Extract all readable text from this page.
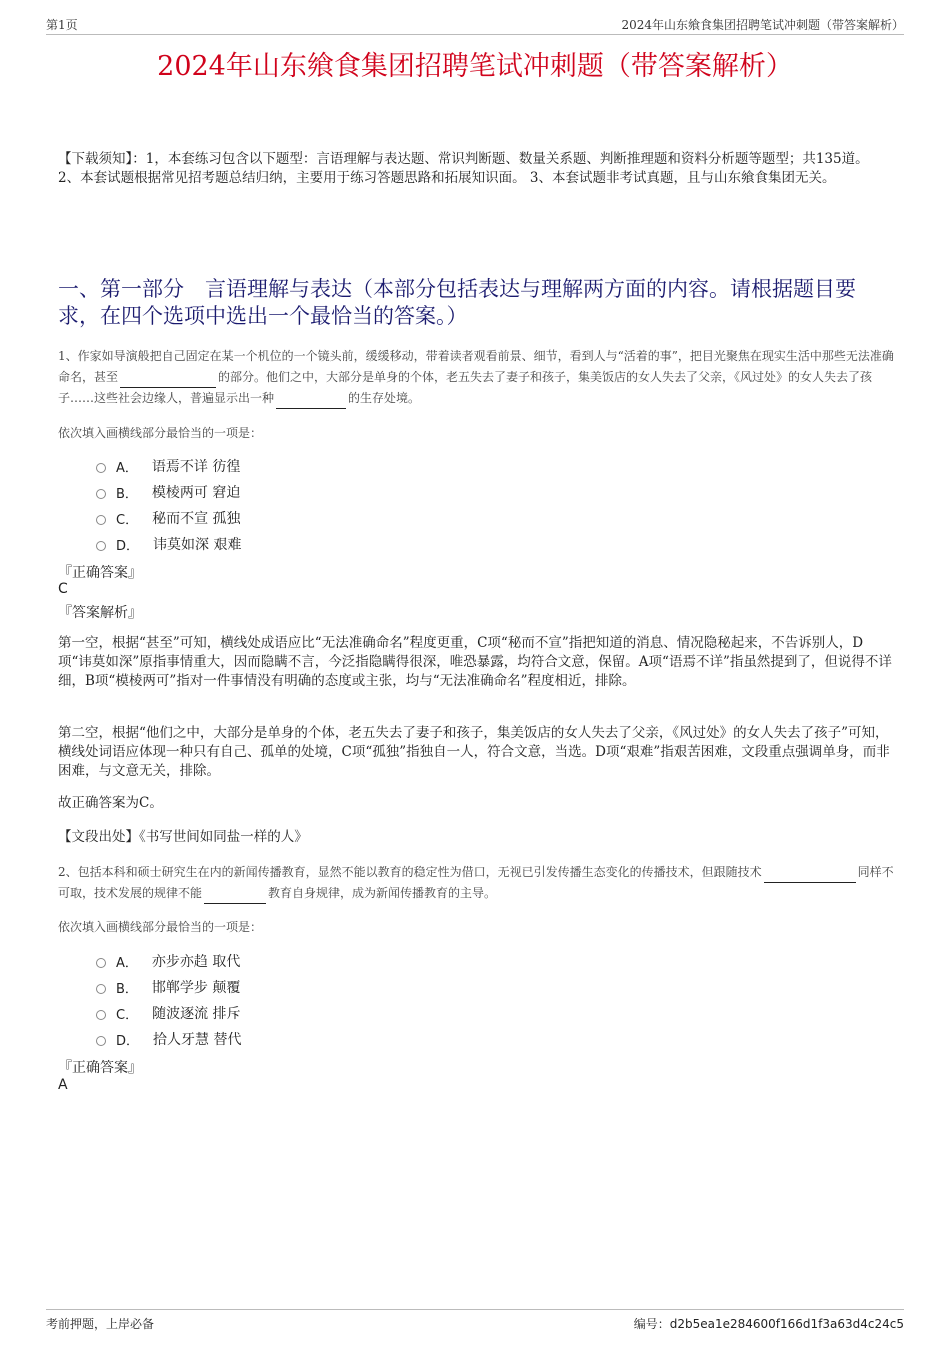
第1页	2024年山东飨食集团招聘笔试冲刺题（带答案解析）
2024年山东飨食集团招聘笔试冲刺题（带答案解析）
【下载须知】：1，本套练习包含以下题型：言语理解与表达题、常识判断题、数量关系题、判断推理题和资料分析题等题型；共135道。 2、本套试题根据常见招考题总结归纳，主要用于练习答题思路和拓展知识面。 3、本套试题非考试真题，且与山东飨食集团无关。
一、第一部分　言语理解与表达（本部分包括表达与理解两方面的内容。请根据题目要求，在四个选项中选出一个最恰当的答案。）
1、作家如导演般把自己固定在某一个机位的一个镜头前，缓缓移动，带着读者观看前景、细节，看到人与“活着的事”，把目光聚焦在现实生活中那些无法准确命名，甚至	的部分。他们之中，大部分是单身的个体，老五失去了妻子和孩子，集美饭店的女人失去了父亲，《风过处》的女人失去了孩子……这些社会边缘人，普遍显示出一种	的生存处境。
依次填入画横线部分最恰当的一项是：
A． 语焉不详 彷徨
B． 模棱两可 窘迫
C． 秘而不宣 孤独
D． 讳莫如深 艰难
『正确答案』
C
『答案解析』
第一空，根据“甚至”可知，横线处成语应比“无法准确命名”程度更重，C项“秘而不宣”指把知道的消息、情况隐秘起来，不告诉别人，D项“讳莫如深”原指事情重大，因而隐瞒不言，今泛指隐瞒得很深，唯恐暴露，均符合文意，保留。A项“语焉不详”指虽然提到了，但说得不详细，B项“模棱两可”指对一件事情没有明确的态度或主张，均与“无法准确命名”程度相近，排除。
第二空，根据“他们之中，大部分是单身的个体，老五失去了妻子和孩子，集美饭店的女人失去了父亲，《风过处》的女人失去了孩子”可知，横线处词语应体现一种只有自己、孤单的处境，C项“孤独”指独自一人，符合文意，当选。D项“艰难”指艰苦困难，文段重点强调单身，而非困难，与文意无关，排除。
故正确答案为C。
【文段出处】《书写世间如同盐一样的人》
2、包括本科和硕士研究生在内的新闻传播教育，显然不能以教育的稳定性为借口，无视已引发传播生态变化的传播技术，但跟随技术	同样不可取，技术发展的规律不能	教育自身规律，成为新闻传播教育的主导。
依次填入画横线部分最恰当的一项是：
A． 亦步亦趋 取代
B． 邯郸学步 颠覆
C． 随波逐流 排斥
D． 拾人牙慧 替代
『正确答案』
A
考前押题，上岸必备	编号：d2b5ea1e284600f166d1f3a63d4c24c5
